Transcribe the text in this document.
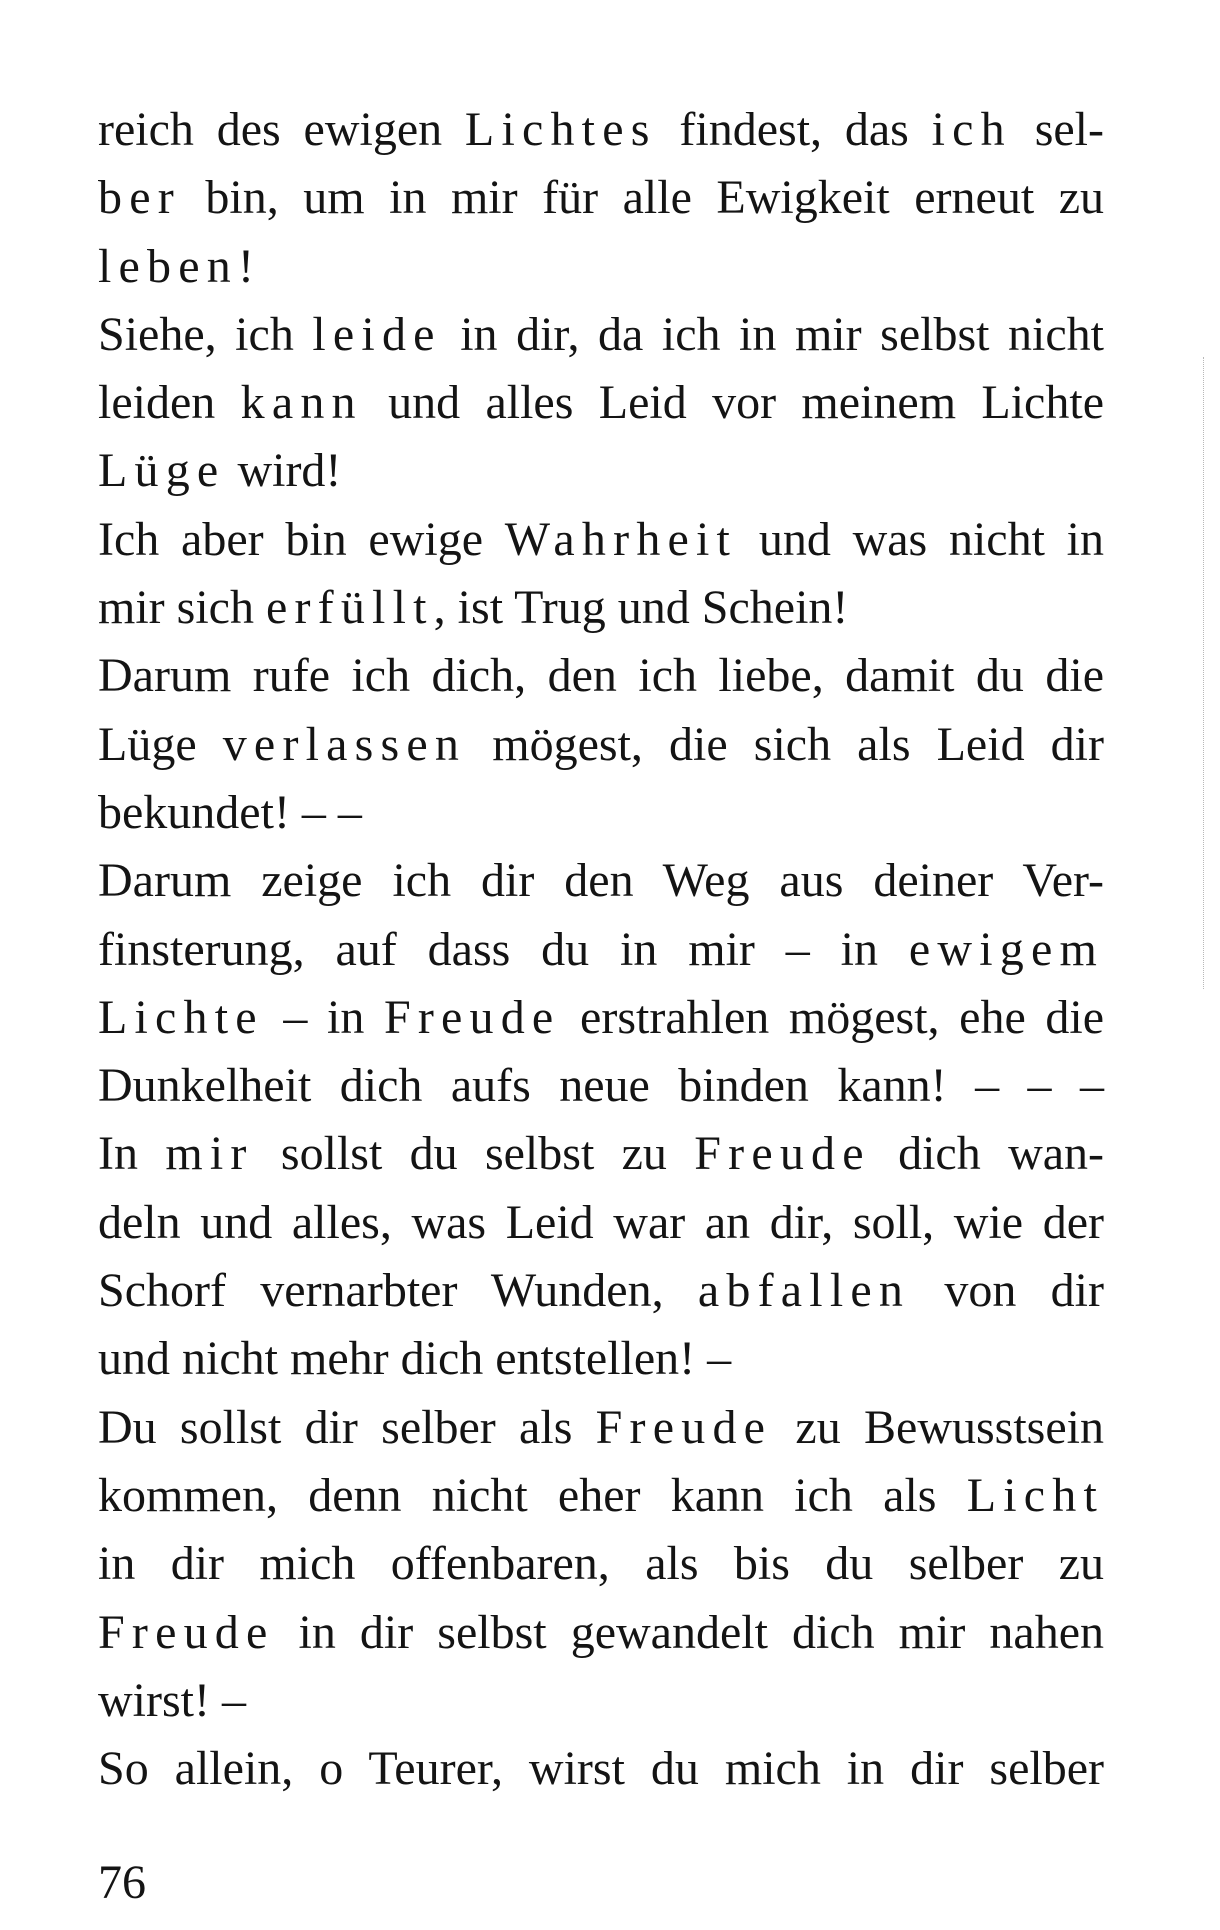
reich des ewigen Lichtes findest, das ich sel-
ber bin, um in mir für alle Ewigkeit erneut zu
leben!
Siehe, ich leide in dir, da ich in mir selbst nicht
leiden kann und alles Leid vor meinem Lichte
Lüge wird!
Ich aber bin ewige Wahrheit und was nicht in
mir sich erfüllt, ist Trug und Schein!
Darum rufe ich dich, den ich liebe, damit du die
Lüge verlassen mögest, die sich als Leid dir
bekundet! – –
Darum zeige ich dir den Weg aus deiner Ver-
finsterung, auf dass du in mir – in ewigem
Lichte – in Freude erstrahlen mögest, ehe die
Dunkelheit dich aufs neue binden kann! – – –
In mir sollst du selbst zu Freude dich wan-
deln und alles, was Leid war an dir, soll, wie der
Schorf vernarbter Wunden, abfallen von dir
und nicht mehr dich entstellen! –
Du sollst dir selber als Freude zu Bewusstsein
kommen, denn nicht eher kann ich als Licht
in dir mich offenbaren, als bis du selber zu
Freude in dir selbst gewandelt dich mir nahen
wirst! –
So allein, o Teurer, wirst du mich in dir selber
76
